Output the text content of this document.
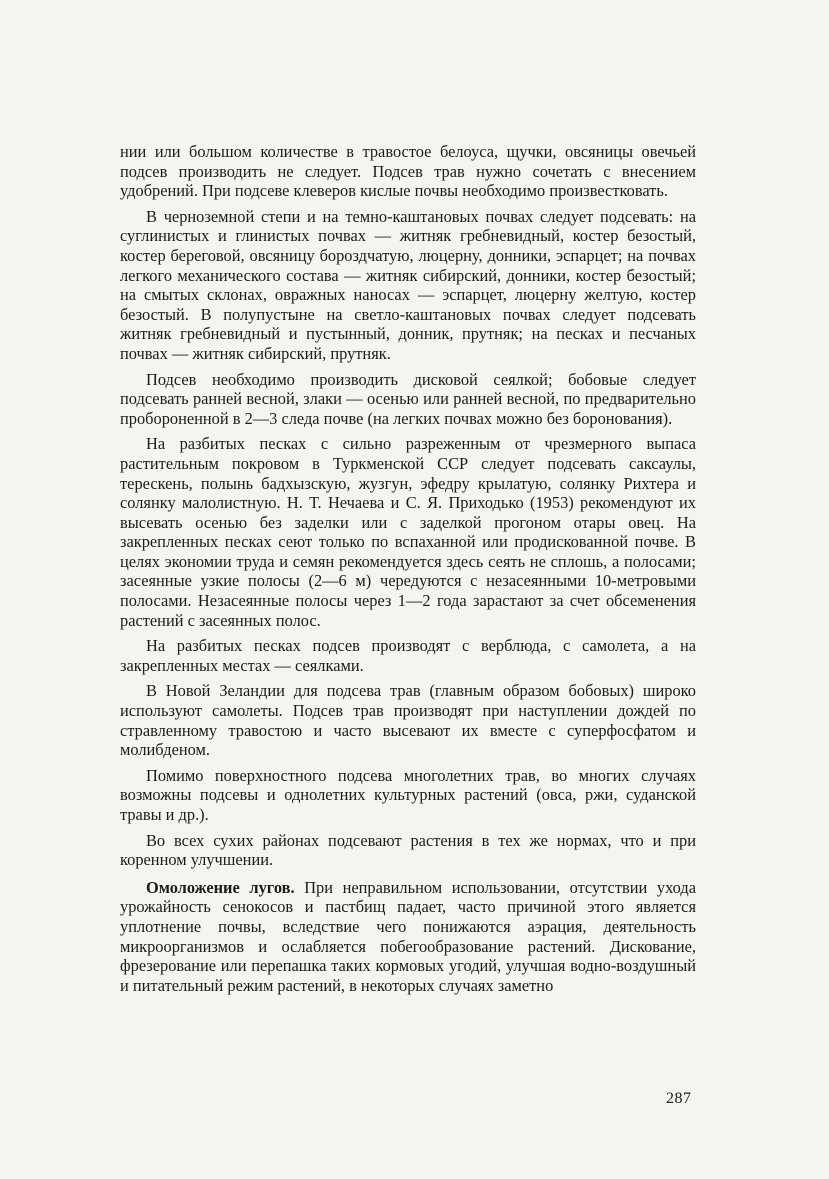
нии или большом количестве в травостое белоуса, щучки, овсяницы овечьей подсев производить не следует. Подсев трав нужно сочетать с внесением удобрений. При подсеве клеверов кислые почвы необходимо произвестковать.

В черноземной степи и на темно-каштановых почвах следует подсевать: на суглинистых и глинистых почвах — житняк гребневидный, костер безостый, костер береговой, овсяницу бороздчатую, люцерну, донники, эспарцет; на почвах легкого механического состава — житняк сибирский, донники, костер безостый; на смытых склонах, овражных наносах — эспарцет, люцерну желтую, костер безостый. В полупустыне на светло-каштановых почвах следует подсевать житняк гребневидный и пустынный, донник, прутняк; на песках и песчаных почвах — житняк сибирский, прутняк.

Подсев необходимо производить дисковой сеялкой; бобовые следует подсевать ранней весной, злаки — осенью или ранней весной, по предварительно пробороненной в 2—3 следа почве (на легких почвах можно без боронования).

На разбитых песках с сильно разреженным от чрезмерного выпаса растительным покровом в Туркменской ССР следует подсевать саксаулы, терескень, полынь бадхызскую, жузгун, эфедру крылатую, солянку Рихтера и солянку малолистную. Н. Т. Нечаева и С. Я. Приходько (1953) рекомендуют их высевать осенью без заделки или с заделкой прогоном отары овец. На закрепленных песках сеют только по вспаханной или продискованной почве. В целях экономии труда и семян рекомендуется здесь сеять не сплошь, а полосами; засеянные узкие полосы (2—6 м) чередуются с незасеянными 10-метровыми полосами. Незасеянные полосы через 1—2 года зарастают за счет обсеменения растений с засеянных полос.

На разбитых песках подсев производят с верблюда, с самолета, а на закрепленных местах — сеялками.

В Новой Зеландии для подсева трав (главным образом бобовых) широко используют самолеты. Подсев трав производят при наступлении дождей по стравленному травостою и часто высевают их вместе с суперфосфатом и молибденом.

Помимо поверхностного подсева многолетних трав, во многих случаях возможны подсевы и однолетних культурных растений (овса, ржи, суданской травы и др.).

Во всех сухих районах подсевают растения в тех же нормах, что и при коренном улучшении.

Омоложение лугов. При неправильном использовании, отсутствии ухода урожайность сенокосов и пастбищ падает, часто причиной этого является уплотнение почвы, вследствие чего понижаются аэрация, деятельность микроорганизмов и ослабляется побегообразование растений. Дискование, фрезерование или перепашка таких кормовых угодий, улучшая водно-воздушный и питательный режим растений, в некоторых случаях заметно

287
